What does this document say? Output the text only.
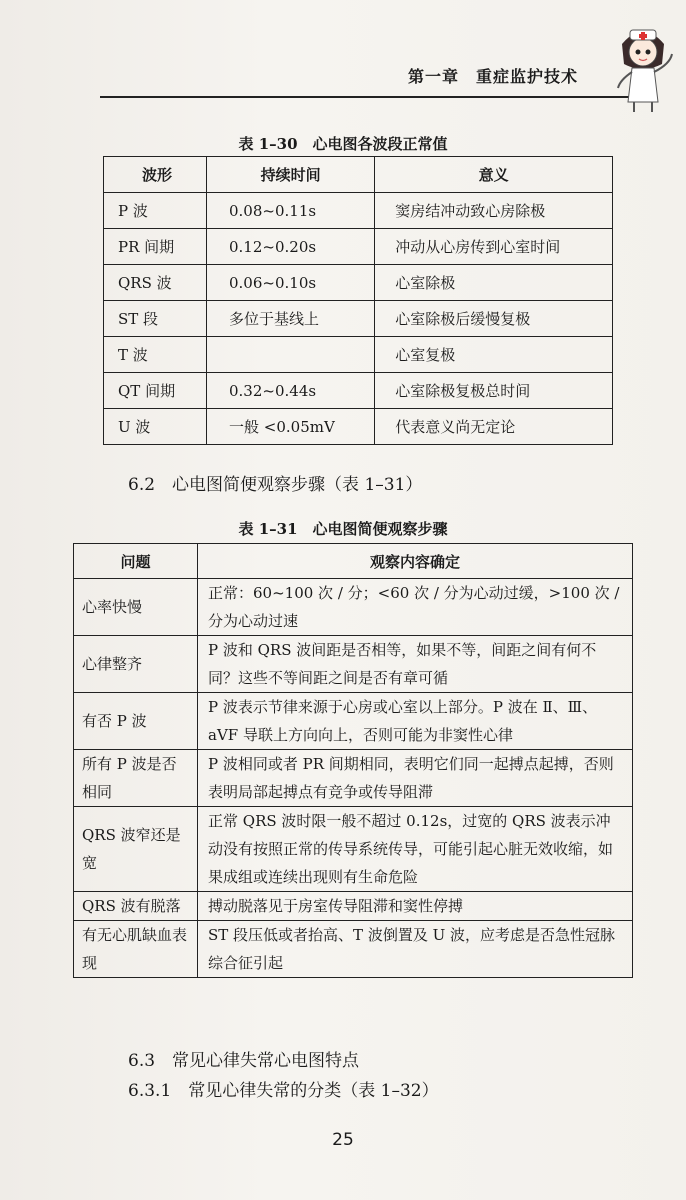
第一章　重症监护技术
表 1–30　心电图各波段正常值
波形	持续时间	意义
P 波	0.08~0.11s	窦房结冲动致心房除极
PR 间期	0.12~0.20s	冲动从心房传到心室时间
QRS 波	0.06~0.10s	心室除极
ST 段	多位于基线上	心室除极后缓慢复极
T 波		心室复极
QT 间期	0.32~0.44s	心室除极复极总时间
U 波	一般 <0.05mV	代表意义尚无定论
6.2　心电图简便观察步骤（表 1–31）
表 1–31　心电图简便观察步骤
问题	观察内容确定
心率快慢	正常：60~100 次 / 分；<60 次 / 分为心动过缓，>100 次 / 分为心动过速
心律整齐	P 波和 QRS 波间距是否相等，如果不等，间距之间有何不同？这些不等间距之间是否有章可循
有否 P 波	P 波表示节律来源于心房或心室以上部分。P 波在 Ⅱ、Ⅲ、aVF 导联上方向向上，否则可能为非窦性心律
所有 P 波是否相同	P 波相同或者 PR 间期相同，表明它们同一起搏点起搏，否则表明局部起搏点有竞争或传导阻滞
QRS 波窄还是宽	正常 QRS 波时限一般不超过 0.12s，过宽的 QRS 波表示冲动没有按照正常的传导系统传导，可能引起心脏无效收缩，如果成组或连续出现则有生命危险
QRS 波有脱落	搏动脱落见于房室传导阻滞和窦性停搏
有无心肌缺血表现	ST 段压低或者抬高、T 波倒置及 U 波，应考虑是否急性冠脉综合征引起
6.3　常见心律失常心电图特点
6.3.1　常见心律失常的分类（表 1–32）
25
